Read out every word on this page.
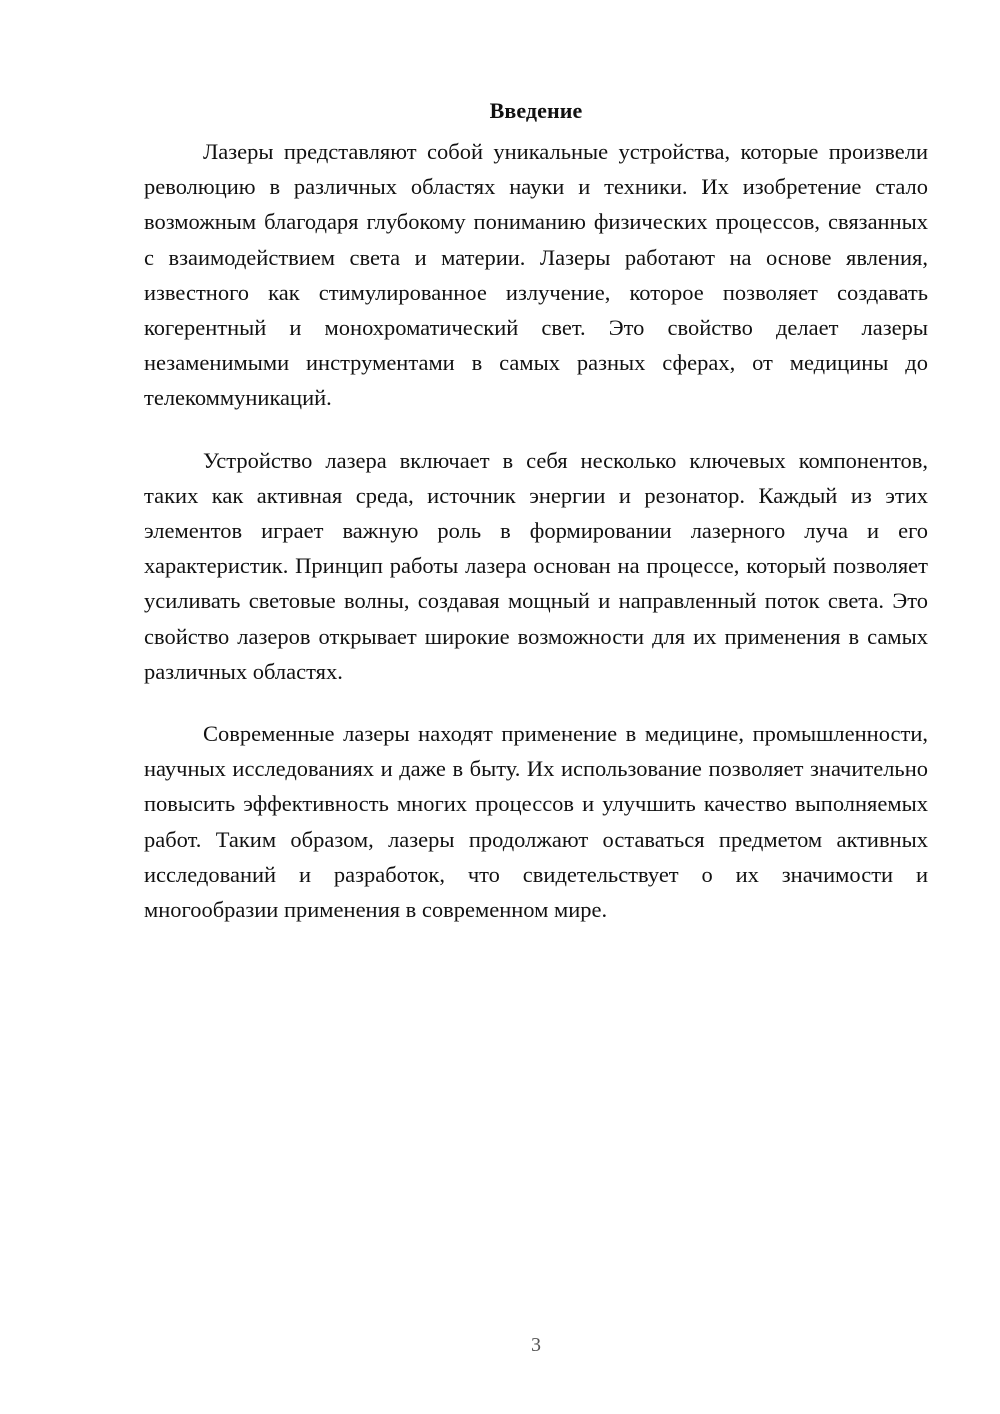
Введение

Лазеры представляют собой уникальные устройства, которые произвели революцию в различных областях науки и техники. Их изобретение стало возможным благодаря глубокому пониманию физических процессов, связанных с взаимодействием света и материи. Лазеры работают на основе явления, известного как стимулированное излучение, которое позволяет создавать когерентный и монохроматический свет. Это свойство делает лазеры незаменимыми инструментами в самых разных сферах, от медицины до телекоммуникаций.

Устройство лазера включает в себя несколько ключевых компонентов, таких как активная среда, источник энергии и резонатор. Каждый из этих элементов играет важную роль в формировании лазерного луча и его характеристик. Принцип работы лазера основан на процессе, который позволяет усиливать световые волны, создавая мощный и направленный поток света. Это свойство лазеров открывает широкие возможности для их применения в самых различных областях.

Современные лазеры находят применение в медицине, промышленности, научных исследованиях и даже в быту. Их использование позволяет значительно повысить эффективность многих процессов и улучшить качество выполняемых работ. Таким образом, лазеры продолжают оставаться предметом активных исследований и разработок, что свидетельствует о их значимости и многообразии применения в современном мире.

3
